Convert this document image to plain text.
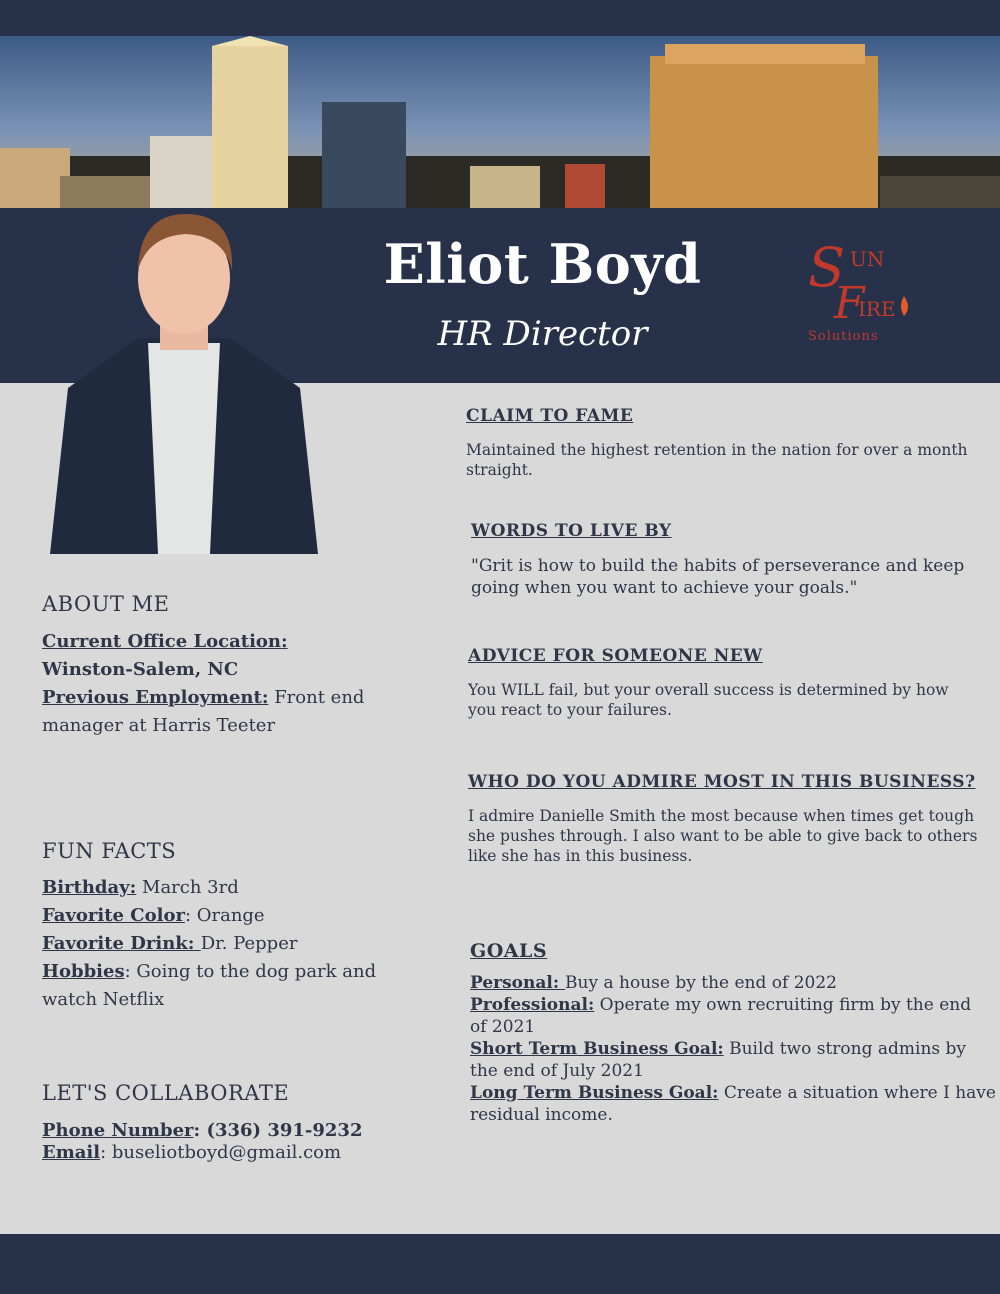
Eliot Boyd
HR Director
S UN
F
IRE
Solutions
ABOUT ME
Current Office Location:
Winston-Salem, NC
Previous Employment: Front end
manager at Harris Teeter
FUN FACTS
Birthday: March 3rd
Favorite Color: Orange
Favorite Drink: Dr. Pepper
Hobbies: Going to the dog park and
watch Netflix
LET'S COLLABORATE
Phone Number: (336) 391-9232
Email: buseliotboyd@gmail.com
CLAIM TO FAME
Maintained the highest retention in the nation for over a month
straight.
WORDS TO LIVE BY
"Grit is how to build the habits of perseverance and keep
going when you want to achieve your goals."
ADVICE FOR SOMEONE NEW
You WILL fail, but your overall success is determined by how
you react to your failures.
WHO DO YOU ADMIRE MOST IN THIS BUSINESS?
I admire Danielle Smith the most because when times get tough
she pushes through. I also want to be able to give back to others
like she has in this business.
GOALS
Personal: Buy a house by the end of 2022
Professional: Operate my own recruiting firm by the end
of 2021
Short Term Business Goal: Build two strong admins by
the end of July 2021
Long Term Business Goal: Create a situation where I have
residual income.
